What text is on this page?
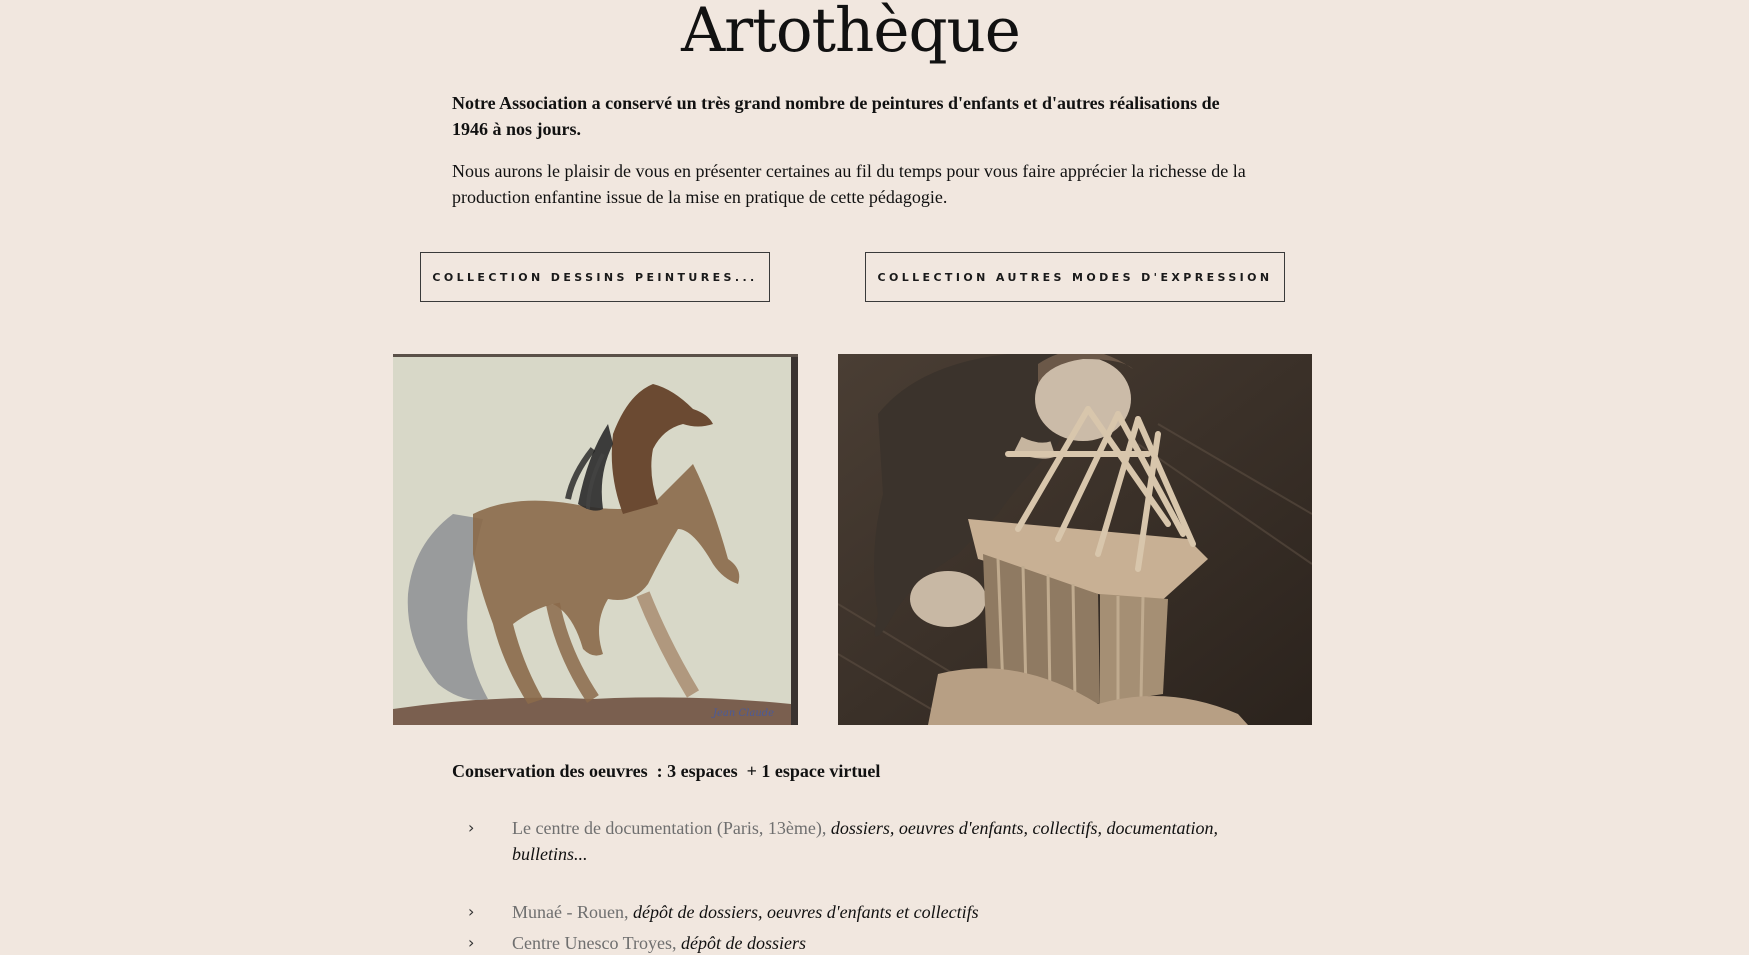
Artothèque

Notre Association a conservé un très grand nombre de peintures d'enfants et d'autres réalisations de 1946 à nos jours.

Nous aurons le plaisir de vous en présenter certaines au fil du temps pour vous faire apprécier la richesse de la production enfantine issue de la mise en pratique de cette pédagogie.

COLLECTION DESSINS PEINTURES...	COLLECTION AUTRES MODES D'EXPRESSION
Jean Claude

Conservation des oeuvres  : 3 espaces  + 1 espace virtuel

› Le centre de documentation (Paris, 13ème), dossiers, oeuvres d'enfants, collectifs, documentation, bulletins...
› Munaé - Rouen, dépôt de dossiers, oeuvres d'enfants et collectifs
› Centre Unesco Troyes, dépôt de dossiers
